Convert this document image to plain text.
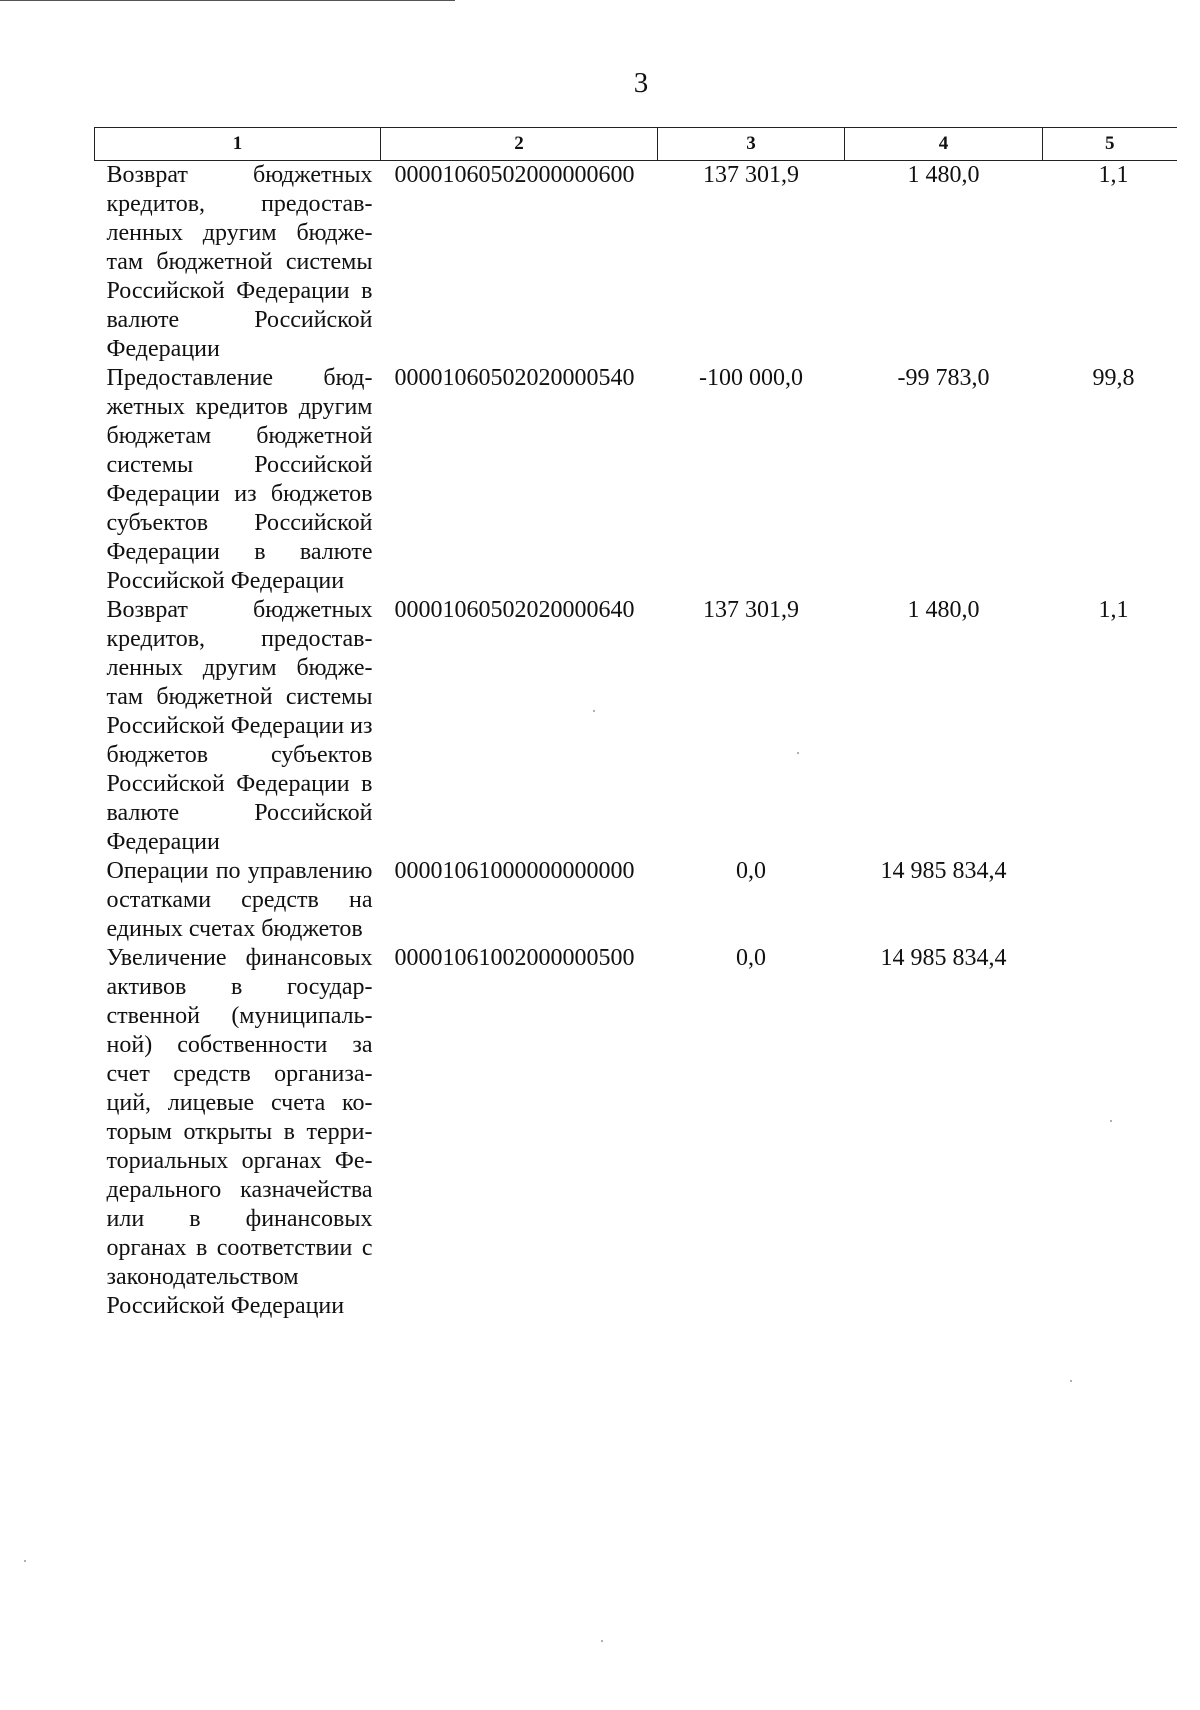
3
1	2	3	4	5
Возврат бюджетных кредитов, предоставленных другим бюджетам бюджетной системы Российской Федерации в валюте Российской Федерации	00001060502000000600	137 301,9	1 480,0	1,1
Предоставление бюджетных кредитов другим бюджетам бюджетной системы Российской Федерации из бюджетов субъектов Российской Федерации в валюте Российской Федерации	00001060502020000540	-100 000,0	-99 783,0	99,8
Возврат бюджетных кредитов, предоставленных другим бюджетам бюджетной системы Российской Федерации из бюджетов субъектов Российской Федерации в валюте Российской Федерации	00001060502020000640	137 301,9	1 480,0	1,1
Операции по управлению остатками средств на единых счетах бюджетов	00001061000000000000	0,0	14 985 834,4	
Увеличение финансовых активов в государственной (муниципальной) собственности за счет средств организаций, лицевые счета которым открыты в территориальных органах Федерального казначейства или в финансовых органах в соответствии с законодательством Российской Федерации	00001061002000000500	0,0	14 985 834,4	
